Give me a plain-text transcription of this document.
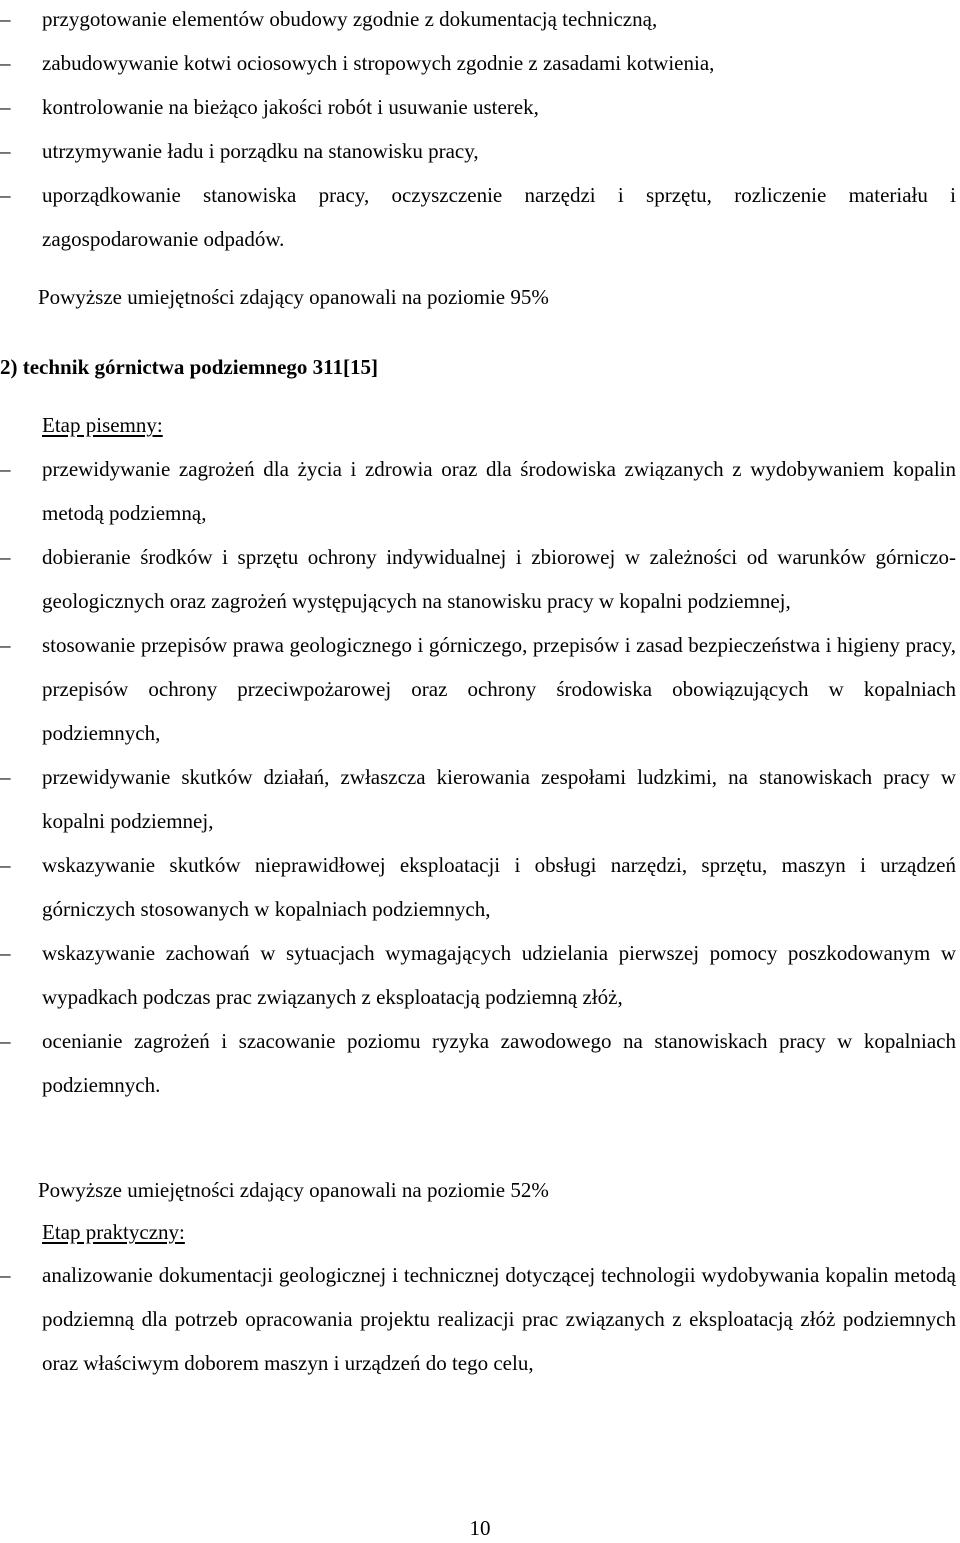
–	przygotowanie elementów obudowy zgodnie z dokumentacją techniczną,
–	zabudowywanie kotwi ociosowych i stropowych zgodnie z zasadami kotwienia,
–	kontrolowanie na bieżąco jakości robót i usuwanie usterek,
–	utrzymywanie ładu i porządku na stanowisku pracy,
–	uporządkowanie stanowiska pracy, oczyszczenie narzędzi i sprzętu, rozliczenie materiału i zagospodarowanie odpadów.
Powyższe umiejętności zdający opanowali na poziomie 95%
2) technik górnictwa podziemnego 311[15]
Etap pisemny:
–	przewidywanie zagrożeń dla życia i zdrowia oraz dla środowiska związanych z wydobywaniem kopalin metodą podziemną,
–	dobieranie środków i sprzętu ochrony indywidualnej i zbiorowej w zależności od warunków górniczo-geologicznych oraz zagrożeń występujących na stanowisku pracy w kopalni podziemnej,
–	stosowanie przepisów prawa geologicznego i górniczego, przepisów i zasad bezpieczeństwa i higieny pracy, przepisów ochrony przeciwpożarowej oraz ochrony środowiska obowiązujących w kopalniach podziemnych,
–	przewidywanie skutków działań, zwłaszcza kierowania zespołami ludzkimi, na stanowiskach pracy w kopalni podziemnej,
–	wskazywanie skutków nieprawidłowej eksploatacji i obsługi narzędzi, sprzętu, maszyn i urządzeń górniczych stosowanych w kopalniach podziemnych,
–	wskazywanie zachowań w sytuacjach wymagających udzielania pierwszej pomocy poszkodowanym w wypadkach podczas prac związanych z eksploatacją podziemną złóż,
–	ocenianie zagrożeń i szacowanie poziomu ryzyka zawodowego na stanowiskach pracy w kopalniach podziemnych.
Powyższe umiejętności zdający opanowali na poziomie 52%
Etap praktyczny:
–	analizowanie dokumentacji geologicznej i technicznej dotyczącej technologii wydobywania kopalin metodą podziemną dla potrzeb opracowania projektu realizacji prac związanych z eksploatacją złóż podziemnych oraz właściwym doborem maszyn i urządzeń do tego celu,
10
